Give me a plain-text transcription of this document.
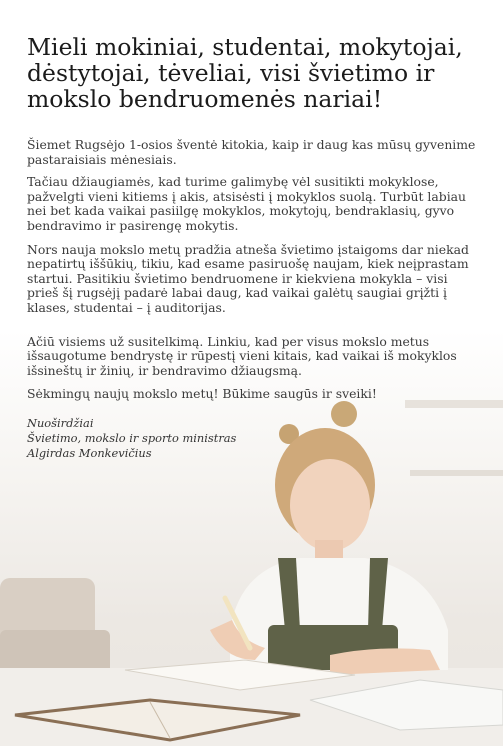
Mieli mokiniai, studentai, mokytojai, dėstytojai, tėveliai, visi švietimo ir mokslo bendruomenės nariai!

Šiemet Rugsėjo 1-osios šventė kitokia, kaip ir daug kas mūsų gyvenime pastaraisiais mėnesiais.

Tačiau džiaugiamės, kad turime galimybę vėl susitikti mokyklose, pažvelgti vieni kitiems į akis, atsisėsti į mokyklos suolą. Turbūt labiau nei bet kada vaikai pasiilgę mokyklos, mokytojų, bendraklasių, gyvo bendravimo ir pasirengę mokytis.

Nors nauja mokslo metų pradžia atneša švietimo įstaigoms dar niekad nepatirtų iššūkių, tikiu, kad esame pasiruošę naujam, kiek neįprastam startui. Pasitikiu švietimo bendruomene ir kiekviena mokykla – visi prieš šį rugsėjį padarė labai daug, kad vaikai galėtų saugiai grįžti į klases, studentai – į auditorijas.

Ačiū visiems už susitelkimą. Linkiu, kad per visus mokslo metus išsaugotume bendrystę ir rūpestį vieni kitais, kad vaikai iš mokyklos išsineštų ir žinių, ir bendravimo džiaugsmą.

Sėkmingų naujų mokslo metų! Būkime saugūs ir sveiki!

Nuoširdžiai
Švietimo, mokslo ir sporto ministras
Algirdas Monkevičius
